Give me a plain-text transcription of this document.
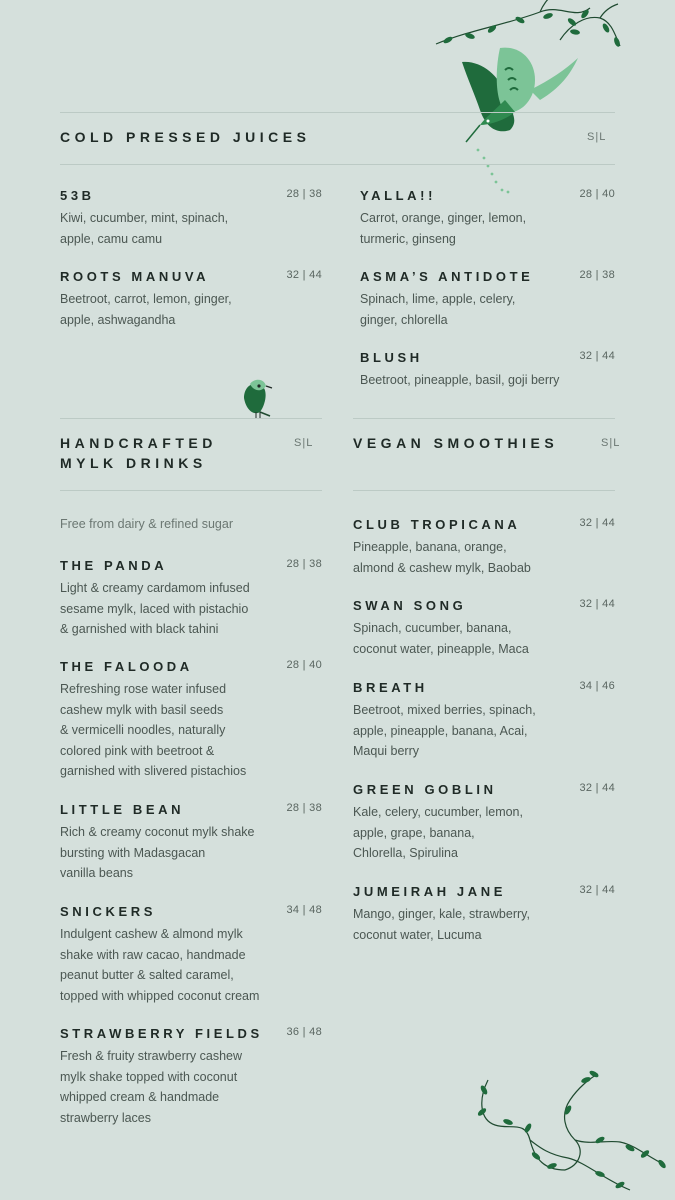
COLD PRESSED JUICES	S|L
53B	28 | 38
Kiwi, cucumber, mint, spinach,
apple, camu camu
ROOTS MANUVA	32 | 44
Beetroot, carrot, lemon, ginger,
apple, ashwagandha
YALLA!!	28 | 40
Carrot, orange, ginger, lemon,
turmeric, ginseng
ASMA’S ANTIDOTE	28 | 38
Spinach, lime, apple, celery,
ginger, chlorella
BLUSH	32 | 44
Beetroot, pineapple, basil, goji berry
HANDCRAFTED
MYLK DRINKS
S|L
Free from dairy & refined sugar
THE PANDA	28 | 38
Light & creamy cardamom infused
sesame mylk, laced with pistachio
& garnished with black tahini
THE FALOODA	28 | 40
Refreshing rose water infused
cashew mylk with basil seeds
& vermicelli noodles, naturally
colored pink with beetroot &
garnished with slivered pistachios
LITTLE BEAN	28 | 38
Rich & creamy coconut mylk shake
bursting with Madasgacan
vanilla beans
SNICKERS	34 | 48
Indulgent cashew & almond mylk
shake with raw cacao, handmade
peanut butter & salted caramel,
topped with whipped coconut cream
STRAWBERRY FIELDS	36 | 48
Fresh & fruity strawberry cashew
mylk shake topped with coconut
whipped cream & handmade
strawberry laces
VEGAN SMOOTHIES	S|L
CLUB TROPICANA	32 | 44
Pineapple, banana, orange,
almond & cashew mylk, Baobab
SWAN SONG	32 | 44
Spinach, cucumber, banana,
coconut water, pineapple, Maca
BREATH	34 | 46
Beetroot, mixed berries, spinach,
apple, pineapple, banana, Acai,
Maqui berry
GREEN GOBLIN	32 | 44
Kale, celery, cucumber, lemon,
apple, grape, banana,
Chlorella, Spirulina
JUMEIRAH JANE	32 | 44
Mango, ginger, kale, strawberry,
coconut water, Lucuma
